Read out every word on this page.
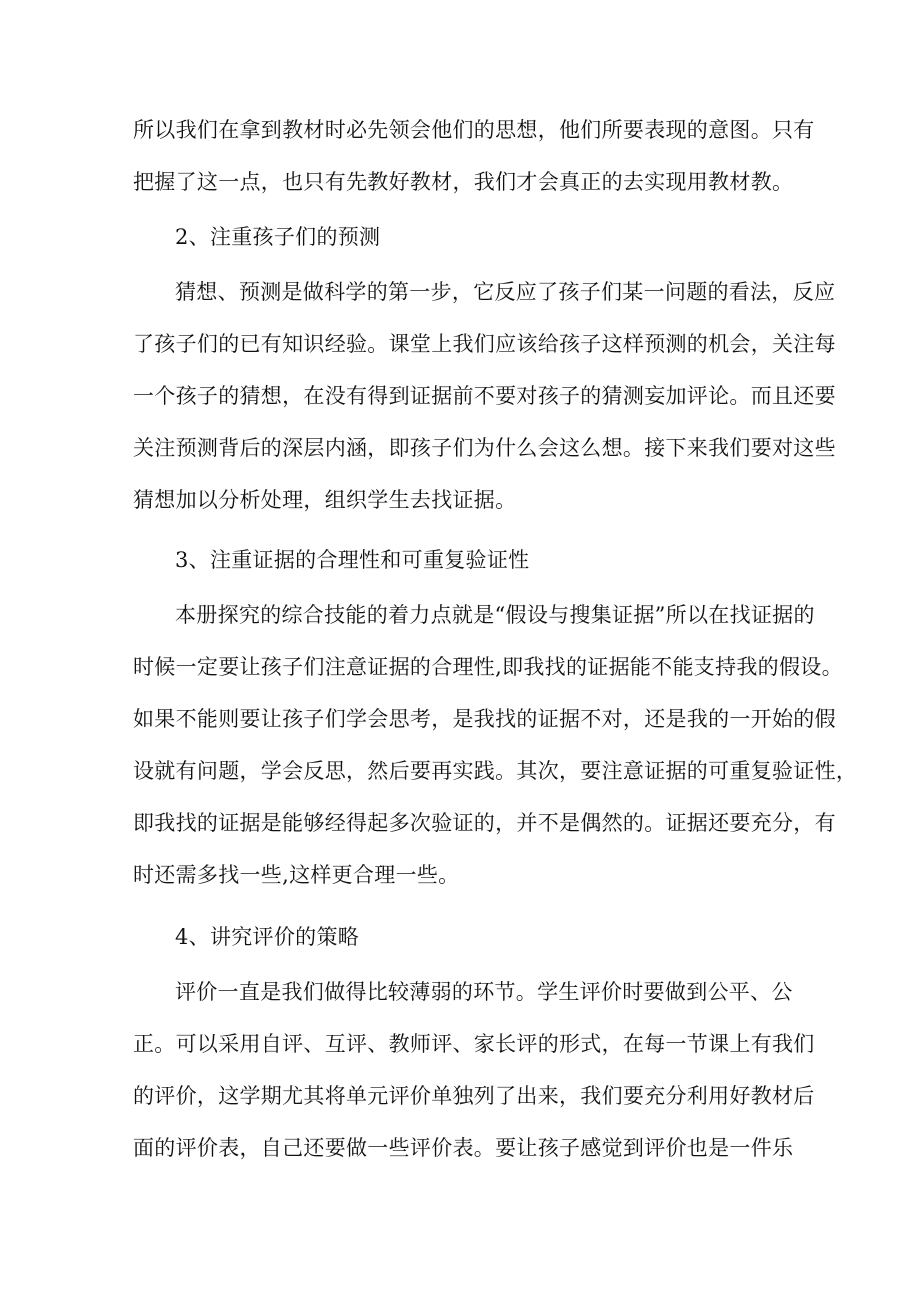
所以我们在拿到教材时必先领会他们的思想，他们所要表现的意图。只有

把握了这一点，也只有先教好教材，我们才会真正的去实现用教材教。

2、注重孩子们的预测

猜想、预测是做科学的第一步，它反应了孩子们某一问题的看法，反应

了孩子们的已有知识经验。课堂上我们应该给孩子这样预测的机会，关注每

一个孩子的猜想，在没有得到证据前不要对孩子的猜测妄加评论。而且还要

关注预测背后的深层内涵，即孩子们为什么会这么想。接下来我们要对这些

猜想加以分析处理，组织学生去找证据。

3、注重证据的合理性和可重复验证性

本册探究的综合技能的着力点就是“假设与搜集证据”所以在找证据的

时候一定要让孩子们注意证据的合理性,即我找的证据能不能支持我的假设。

如果不能则要让孩子们学会思考，是我找的证据不对，还是我的一开始的假

设就有问题，学会反思，然后要再实践。其次，要注意证据的可重复验证性，

即我找的证据是能够经得起多次验证的，并不是偶然的。证据还要充分，有

时还需多找一些,这样更合理一些。

4、讲究评价的策略

评价一直是我们做得比较薄弱的环节。学生评价时要做到公平、公

正。可以采用自评、互评、教师评、家长评的形式，在每一节课上有我们

的评价，这学期尤其将单元评价单独列了出来，我们要充分利用好教材后

面的评价表，自己还要做一些评价表。要让孩子感觉到评价也是一件乐
